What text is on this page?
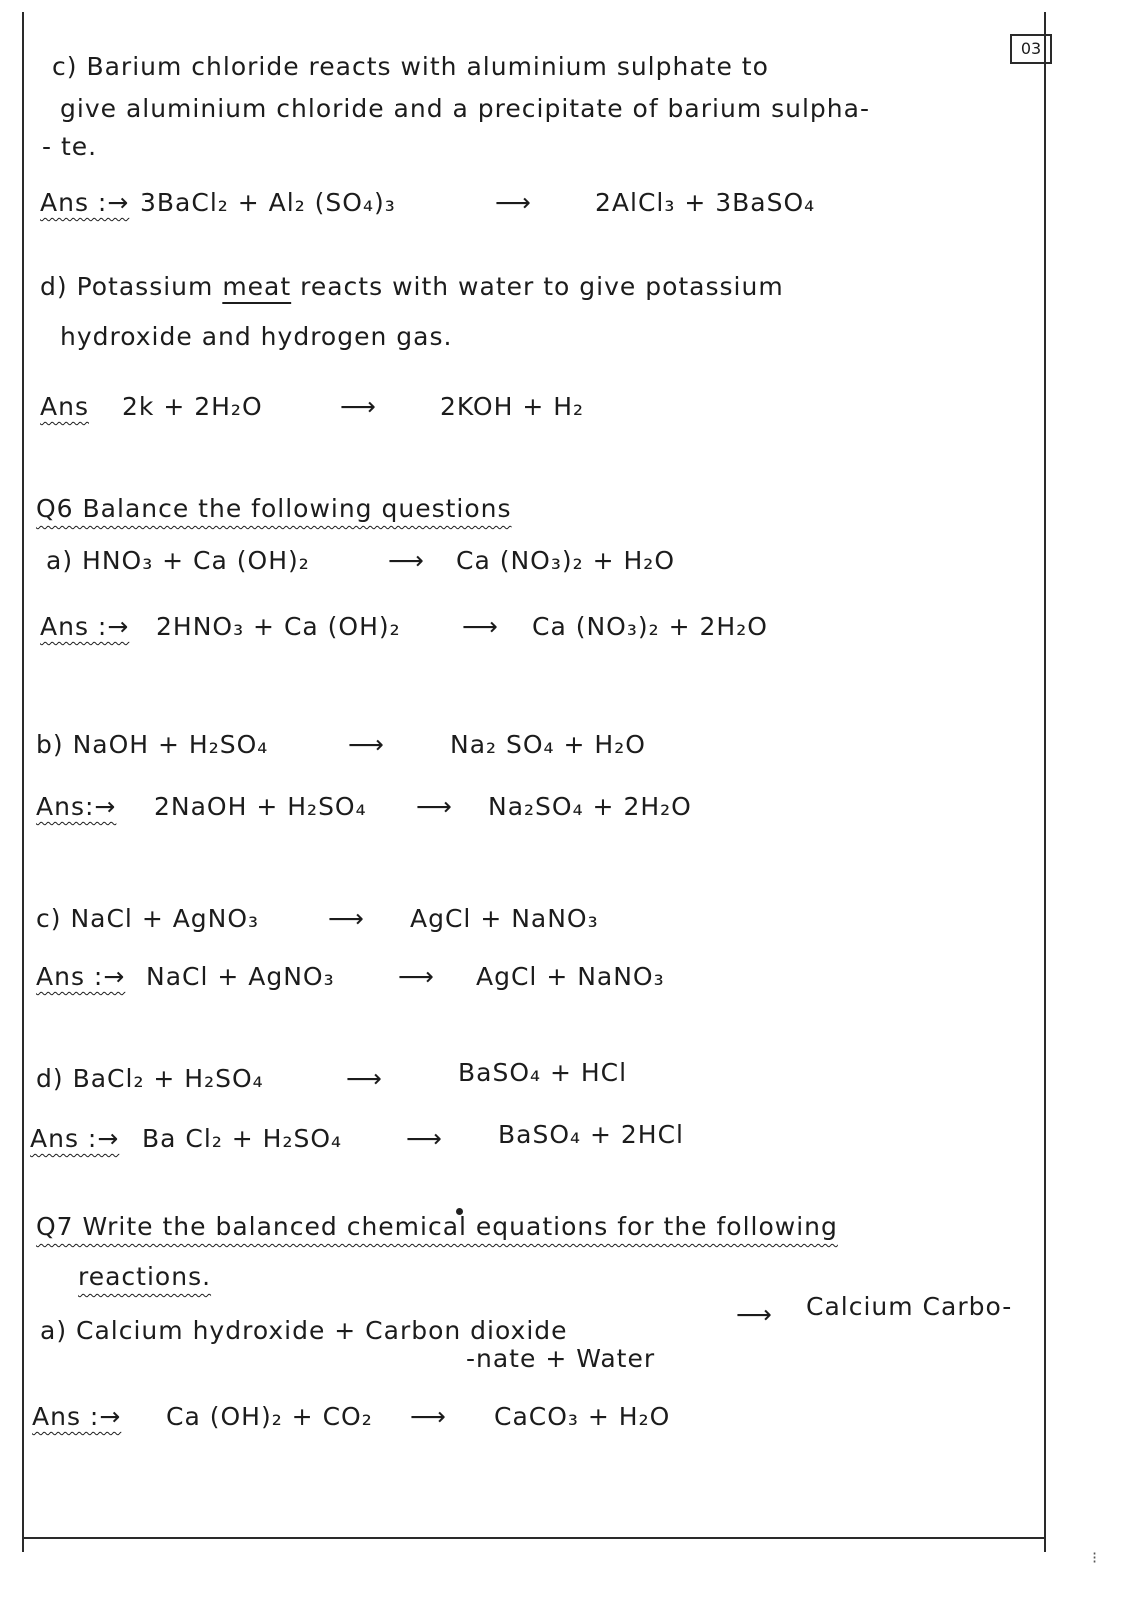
03
c) Barium chloride reacts with aluminium sulphate to
give aluminium chloride and a precipitate of barium sulpha-
- te.
Ans :→ 3BaCl₂ + Al₂ (SO₄)₃	⟶	2AlCl₃ + 3BaSO₄
d) Potassium meat reacts with water to give potassium
hydroxide and hydrogen gas.
Ans	2k + 2H₂O	⟶	2KOH + H₂
Q6 Balance the following questions
a) HNO₃ + Ca (OH)₂	⟶ Ca (NO₃)₂ + H₂O
Ans :→	2HNO₃ + Ca (OH)₂ ⟶ Ca (NO₃)₂ + 2H₂O
b) NaOH + H₂SO₄	⟶	Na₂ SO₄ + H₂O
Ans:→	2NaOH + H₂SO₄ ⟶ Na₂SO₄ + 2H₂O
c) NaCl + AgNO₃	⟶ AgCl + NaNO₃
Ans :→ NaCl + AgNO₃	⟶ AgCl + NaNO₃
d) BaCl₂ + H₂SO₄	⟶	BaSO₄ + HCl
Ans :→ Ba Cl₂ + H₂SO₄	⟶ BaSO₄ + 2HCl
Q7 Write the balanced chemical equations for the following
reactions.
a) Calcium hydroxide + Carbon dioxide
⟶ Calcium Carbo-
-nate + Water
Ans :→	Ca (OH)₂ + CO₂ ⟶ CaCO₃ + H₂O
⁝
